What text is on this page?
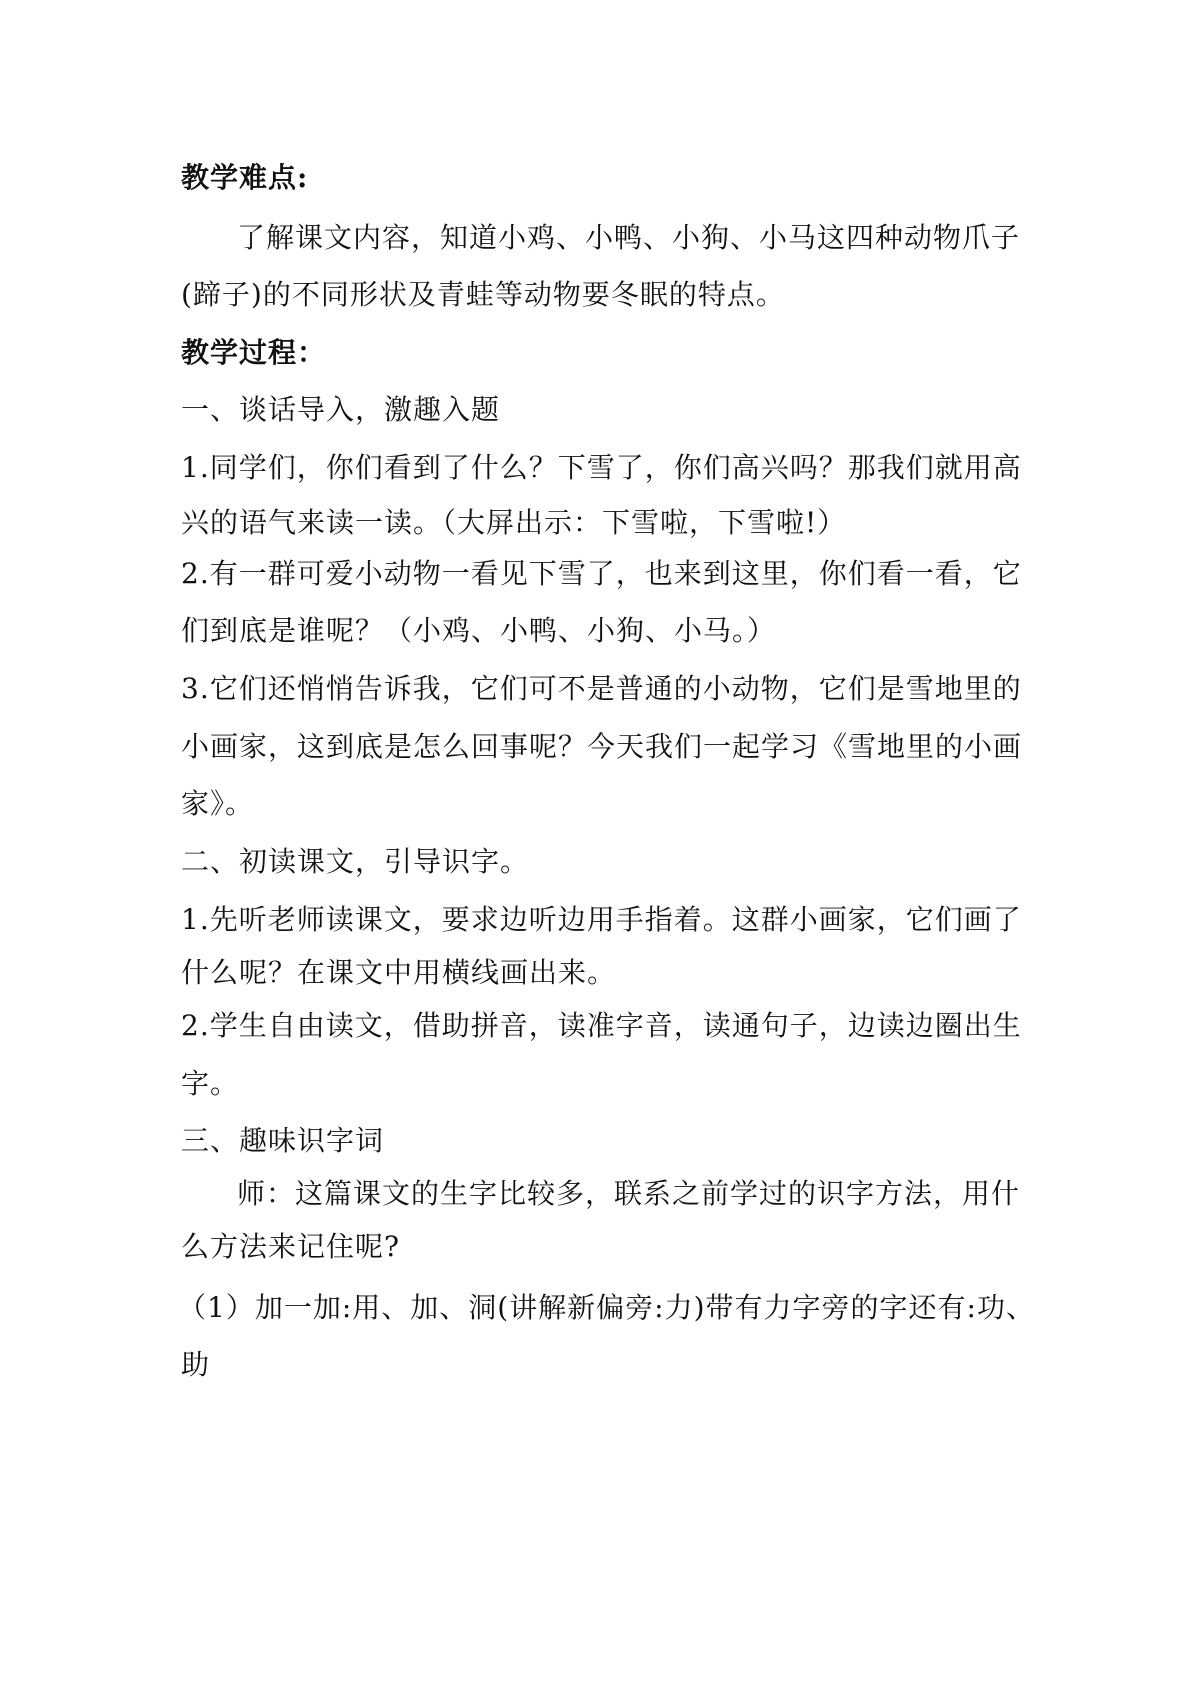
教学难点:
了解课文内容，知道小鸡、小鸭、小狗、小马这四种动物爪子
(蹄子)的不同形状及青蛙等动物要冬眠的特点。
教学过程：
一、谈话导入，激趣入题
1.同学们，你们看到了什么？下雪了，你们高兴吗？那我们就用高
兴的语气来读一读。（大屏出示：下雪啦，下雪啦!）
2.有一群可爱小动物一看见下雪了，也来到这里，你们看一看，它
们到底是谁呢？（小鸡、小鸭、小狗、小马。）
3.它们还悄悄告诉我，它们可不是普通的小动物，它们是雪地里的
小画家，这到底是怎么回事呢？今天我们一起学习《雪地里的小画
家》。
二、初读课文，引导识字。
1.先听老师读课文，要求边听边用手指着。这群小画家，它们画了
什么呢？在课文中用横线画出来。
2.学生自由读文，借助拼音，读准字音，读通句子，边读边圈出生
字。
三、趣味识字词
师：这篇课文的生字比较多，联系之前学过的识字方法，用什
么方法来记住呢?
（1）加一加:用、加、洞(讲解新偏旁:力)带有力字旁的字还有:功、
助
